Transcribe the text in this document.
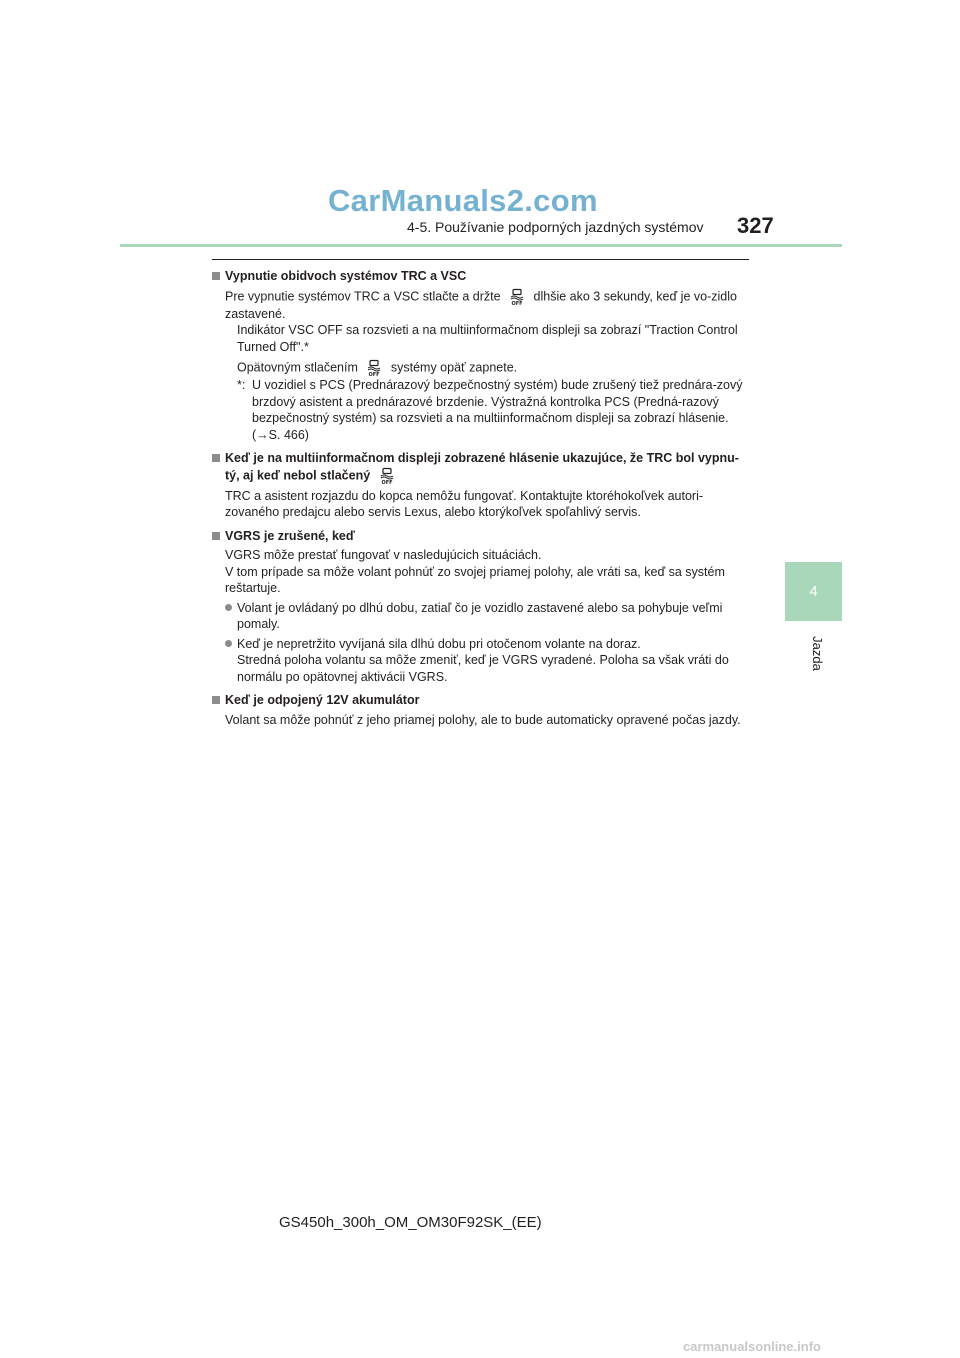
CarManuals2.com
4-5. Používanie podporných jazdných systémov 327
4
Jazda
Vypnutie obidvoch systémov TRC a VSC
Pre vypnutie systémov TRC a VSC stlačte a držte
OFF
dlhšie ako 3 sekundy, keď je vo-zidlo zastavené.
Indikátor VSC OFF sa rozsvieti a na multiinformačnom displeji sa zobrazí "Traction Control Turned Off".*
Opätovným stlačením
OFF
systémy opäť zapnete.
*: U vozidiel s PCS (Prednárazový bezpečnostný systém) bude zrušený tiež prednára-zový brzdový asistent a prednárazové brzdenie. Výstražná kontrolka PCS (Predná-razový bezpečnostný systém) sa rozsvieti a na multiinformačnom displeji sa zobrazí hlásenie. (→S. 466)
Keď je na multiinformačnom displeji zobrazené hlásenie ukazujúce, že TRC bol vypnu-tý, aj keď nebol stlačený
OFF
TRC a asistent rozjazdu do kopca nemôžu fungovať. Kontaktujte ktoréhokoľvek autori-zovaného predajcu alebo servis Lexus, alebo ktorýkoľvek spoľahlivý servis.
VGRS je zrušené, keď
VGRS môže prestať fungovať v nasledujúcich situáciách.
V tom prípade sa môže volant pohnúť zo svojej priamej polohy, ale vráti sa, keď sa systém reštartuje.
Volant je ovládaný po dlhú dobu, zatiaľ čo je vozidlo zastavené alebo sa pohybuje veľmi pomaly.
Keď je nepretržito vyvíjaná sila dlhú dobu pri otočenom volante na doraz.
Stredná poloha volantu sa môže zmeniť, keď je VGRS vyradené. Poloha sa však vráti do normálu po opätovnej aktivácii VGRS.
Keď je odpojený 12V akumulátor
Volant sa môže pohnúť z jeho priamej polohy, ale to bude automaticky opravené počas jazdy.
GS450h_300h_OM_OM30F92SK_(EE)
carmanualsonline.info
